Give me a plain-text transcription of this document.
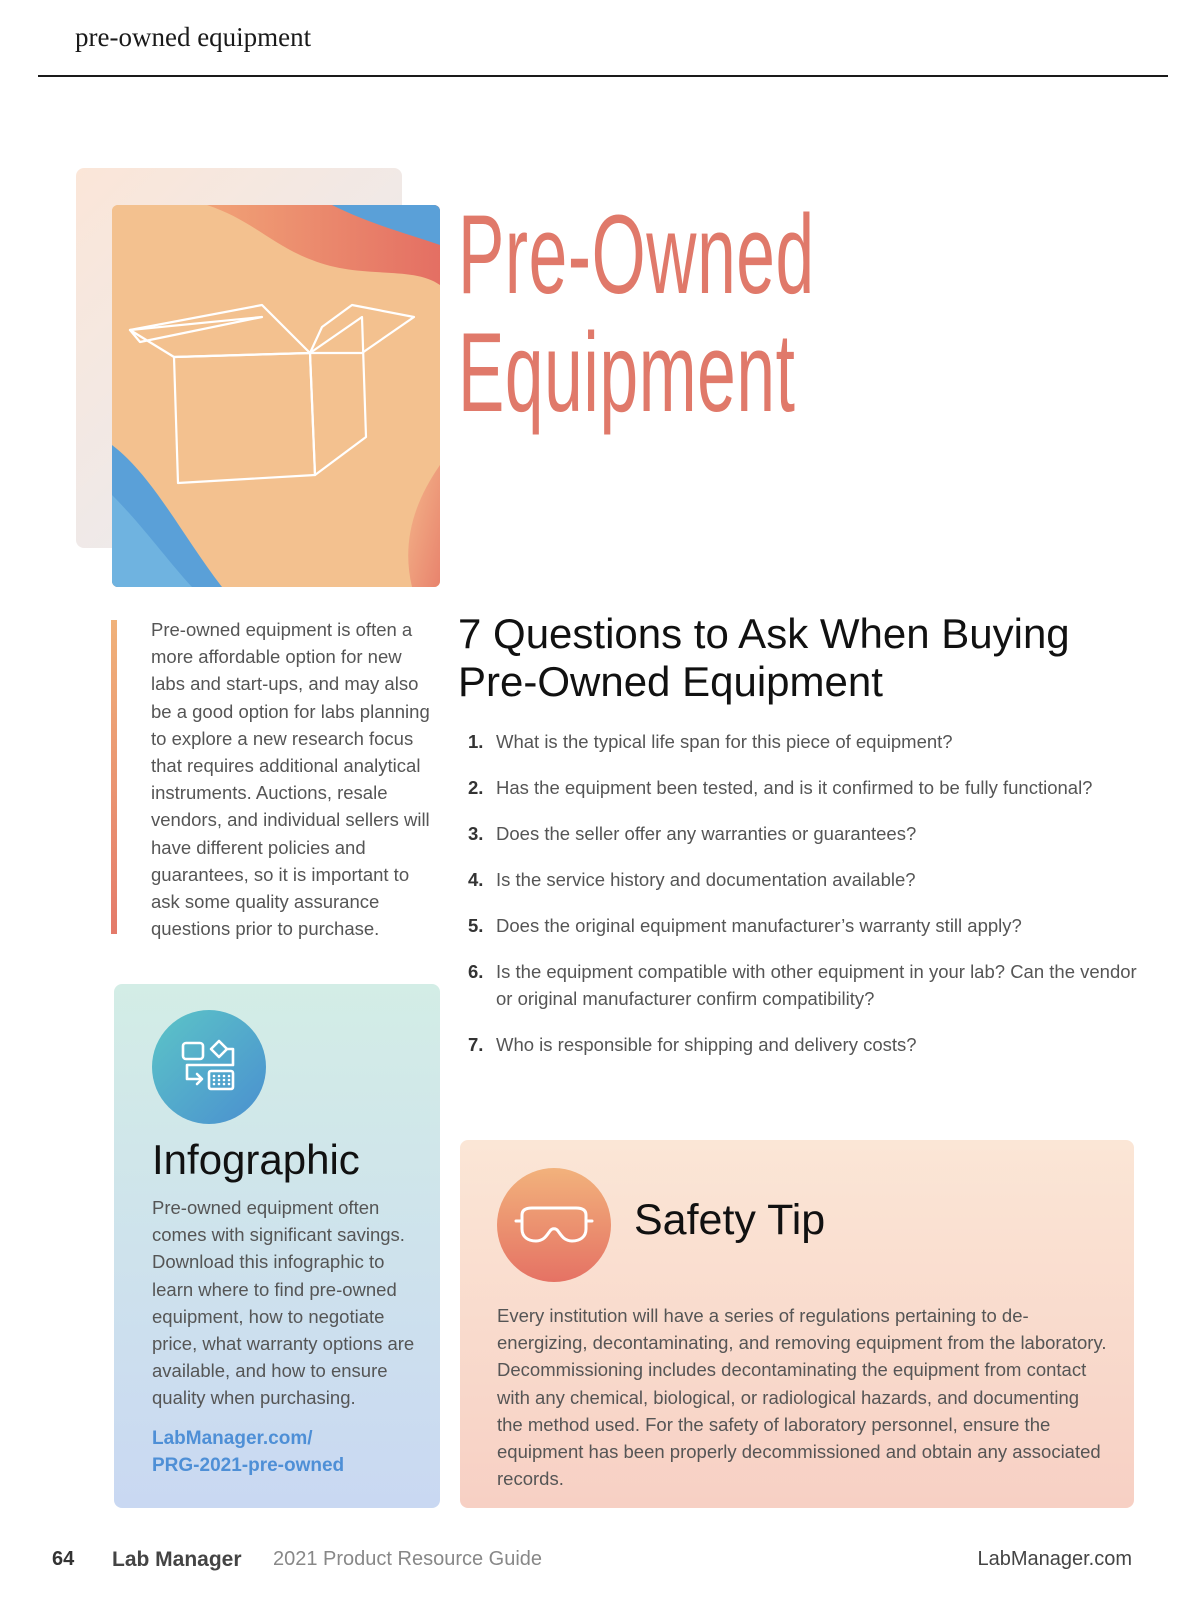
pre-owned equipment
Pre-Owned
Equipment

Pre-owned equipment is often a more affordable option for new labs and start-ups, and may also be a good option for labs planning to explore a new research focus that requires additional analytical instruments. Auctions, resale vendors, and individual sellers will have different policies and guarantees, so it is important to ask some quality assurance questions prior to purchase.

7 Questions to Ask When Buying Pre-Owned Equipment
1. What is the typical life span for this piece of equipment?
2. Has the equipment been tested, and is it confirmed to be fully functional?
3. Does the seller offer any warranties or guarantees?
4. Is the service history and documentation available?
5. Does the original equipment manufacturer’s warranty still apply?
6. Is the equipment compatible with other equipment in your lab? Can the vendor or original manufacturer confirm compatibility?
7. Who is responsible for shipping and delivery costs?
Infographic

Pre-owned equipment often comes with significant savings. Download this infographic to learn where to find pre-owned equipment, how to negotiate price, what warranty options are available, and how to ensure quality when purchasing.

LabManager.com/
PRG-2021-pre-owned
Safety Tip

Every institution will have a series of regulations pertaining to de-energizing, decontaminating, and removing equipment from the laboratory. Decommissioning includes decontaminating the equipment from contact with any chemical, biological, or radiological hazards, and documenting the method used. For the safety of laboratory personnel, ensure the equipment has been properly decommissioned and obtain any associated records.

64 Lab Manager 2021 Product Resource Guide	LabManager.com
